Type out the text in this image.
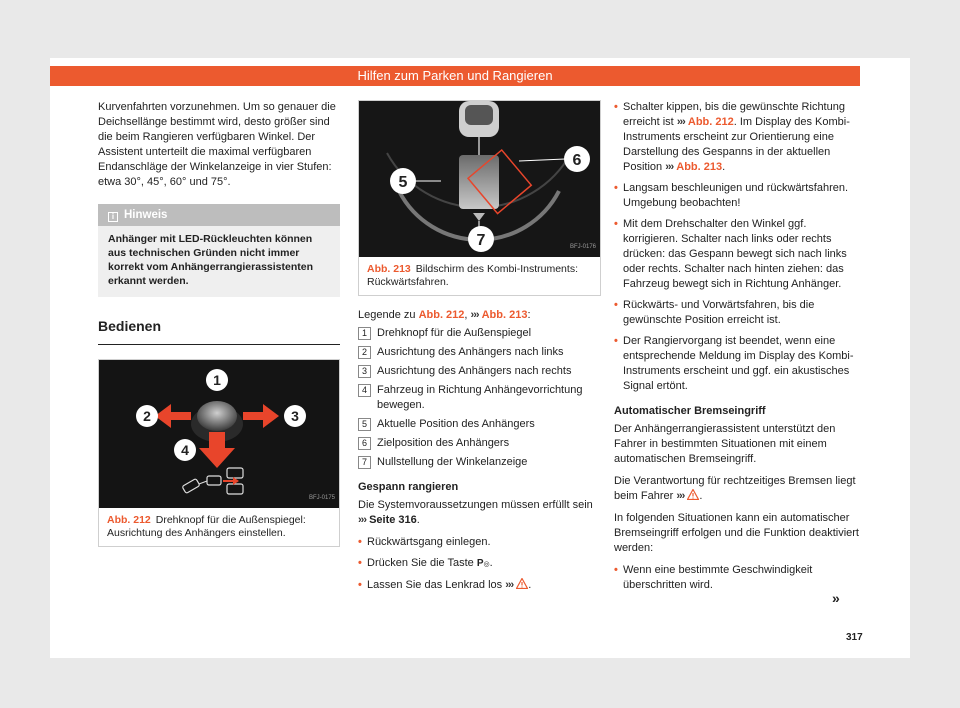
Hilfen zum Parken und Rangieren

Kurvenfahrten vorzunehmen. Um so genauer die Deichsellänge bestimmt wird, desto größer sind die beim Rangieren verfügbaren Winkel. Der Assistent unterteilt die maximal verfügbaren Endanschläge der Winkelanzeige in vier Stufen: etwa 30°, 45°, 60° und 75°.

i Hinweis
Anhänger mit LED-Rückleuchten können aus technischen Gründen nicht immer korrekt vom Anhängerrangierassistenten erkannt werden.
Bedienen
1
2	3
4
BFJ-0175
Abb. 212 Drehknopf für die Außenspiegel: Ausrichtung des Anhängers einstellen.
5
6
7	BFJ-0176
Abb. 213 Bildschirm des Kombi-Instruments: Rückwärtsfahren.

Legende zu Abb. 212, ››› Abb. 213:

1 Drehknopf für die Außenspiegel
2 Ausrichtung des Anhängers nach links
3 Ausrichtung des Anhängers nach rechts
4 Fahrzeug in Richtung Anhängevorrichtung bewegen.
5 Aktuelle Position des Anhängers
6 Zielposition des Anhängers
7 Nullstellung der Winkelanzeige
Gespann rangieren

Die Systemvoraussetzungen müssen erfüllt sein ››› Seite 316.

• Rückwärtsgang einlegen.
• Drücken Sie die Taste P◎.
• Lassen Sie das Lenkrad los ››› .
• Schalter kippen, bis die gewünschte Richtung erreicht ist ››› Abb. 212. Im Display des Kombi-Instruments erscheint zur Orientierung eine Darstellung des Gespanns in der aktuellen Position ››› Abb. 213.
• Langsam beschleunigen und rückwärtsfahren. Umgebung beobachten!
• Mit dem Drehschalter den Winkel ggf. korrigieren. Schalter nach links oder rechts drücken: das Gespann bewegt sich nach links oder rechts. Schalter nach hinten ziehen: das Fahrzeug bewegt sich in Richtung Anhänger.
• Rückwärts- und Vorwärtsfahren, bis die gewünschte Position erreicht ist.
• Der Rangiervorgang ist beendet, wenn eine entsprechende Meldung im Display des Kombi-Instruments erscheint und ggf. ein akustisches Signal ertönt.
Automatischer Bremseingriff

Der Anhängerrangierassistent unterstützt den Fahrer in bestimmten Situationen mit einem automatischen Bremseingriff.

Die Verantwortung für rechtzeitiges Bremsen liegt beim Fahrer ››› .

In folgenden Situationen kann ein automatischer Bremseingriff erfolgen und die Funktion deaktiviert werden:

• Wenn eine bestimmte Geschwindigkeit überschritten wird.
»
317
